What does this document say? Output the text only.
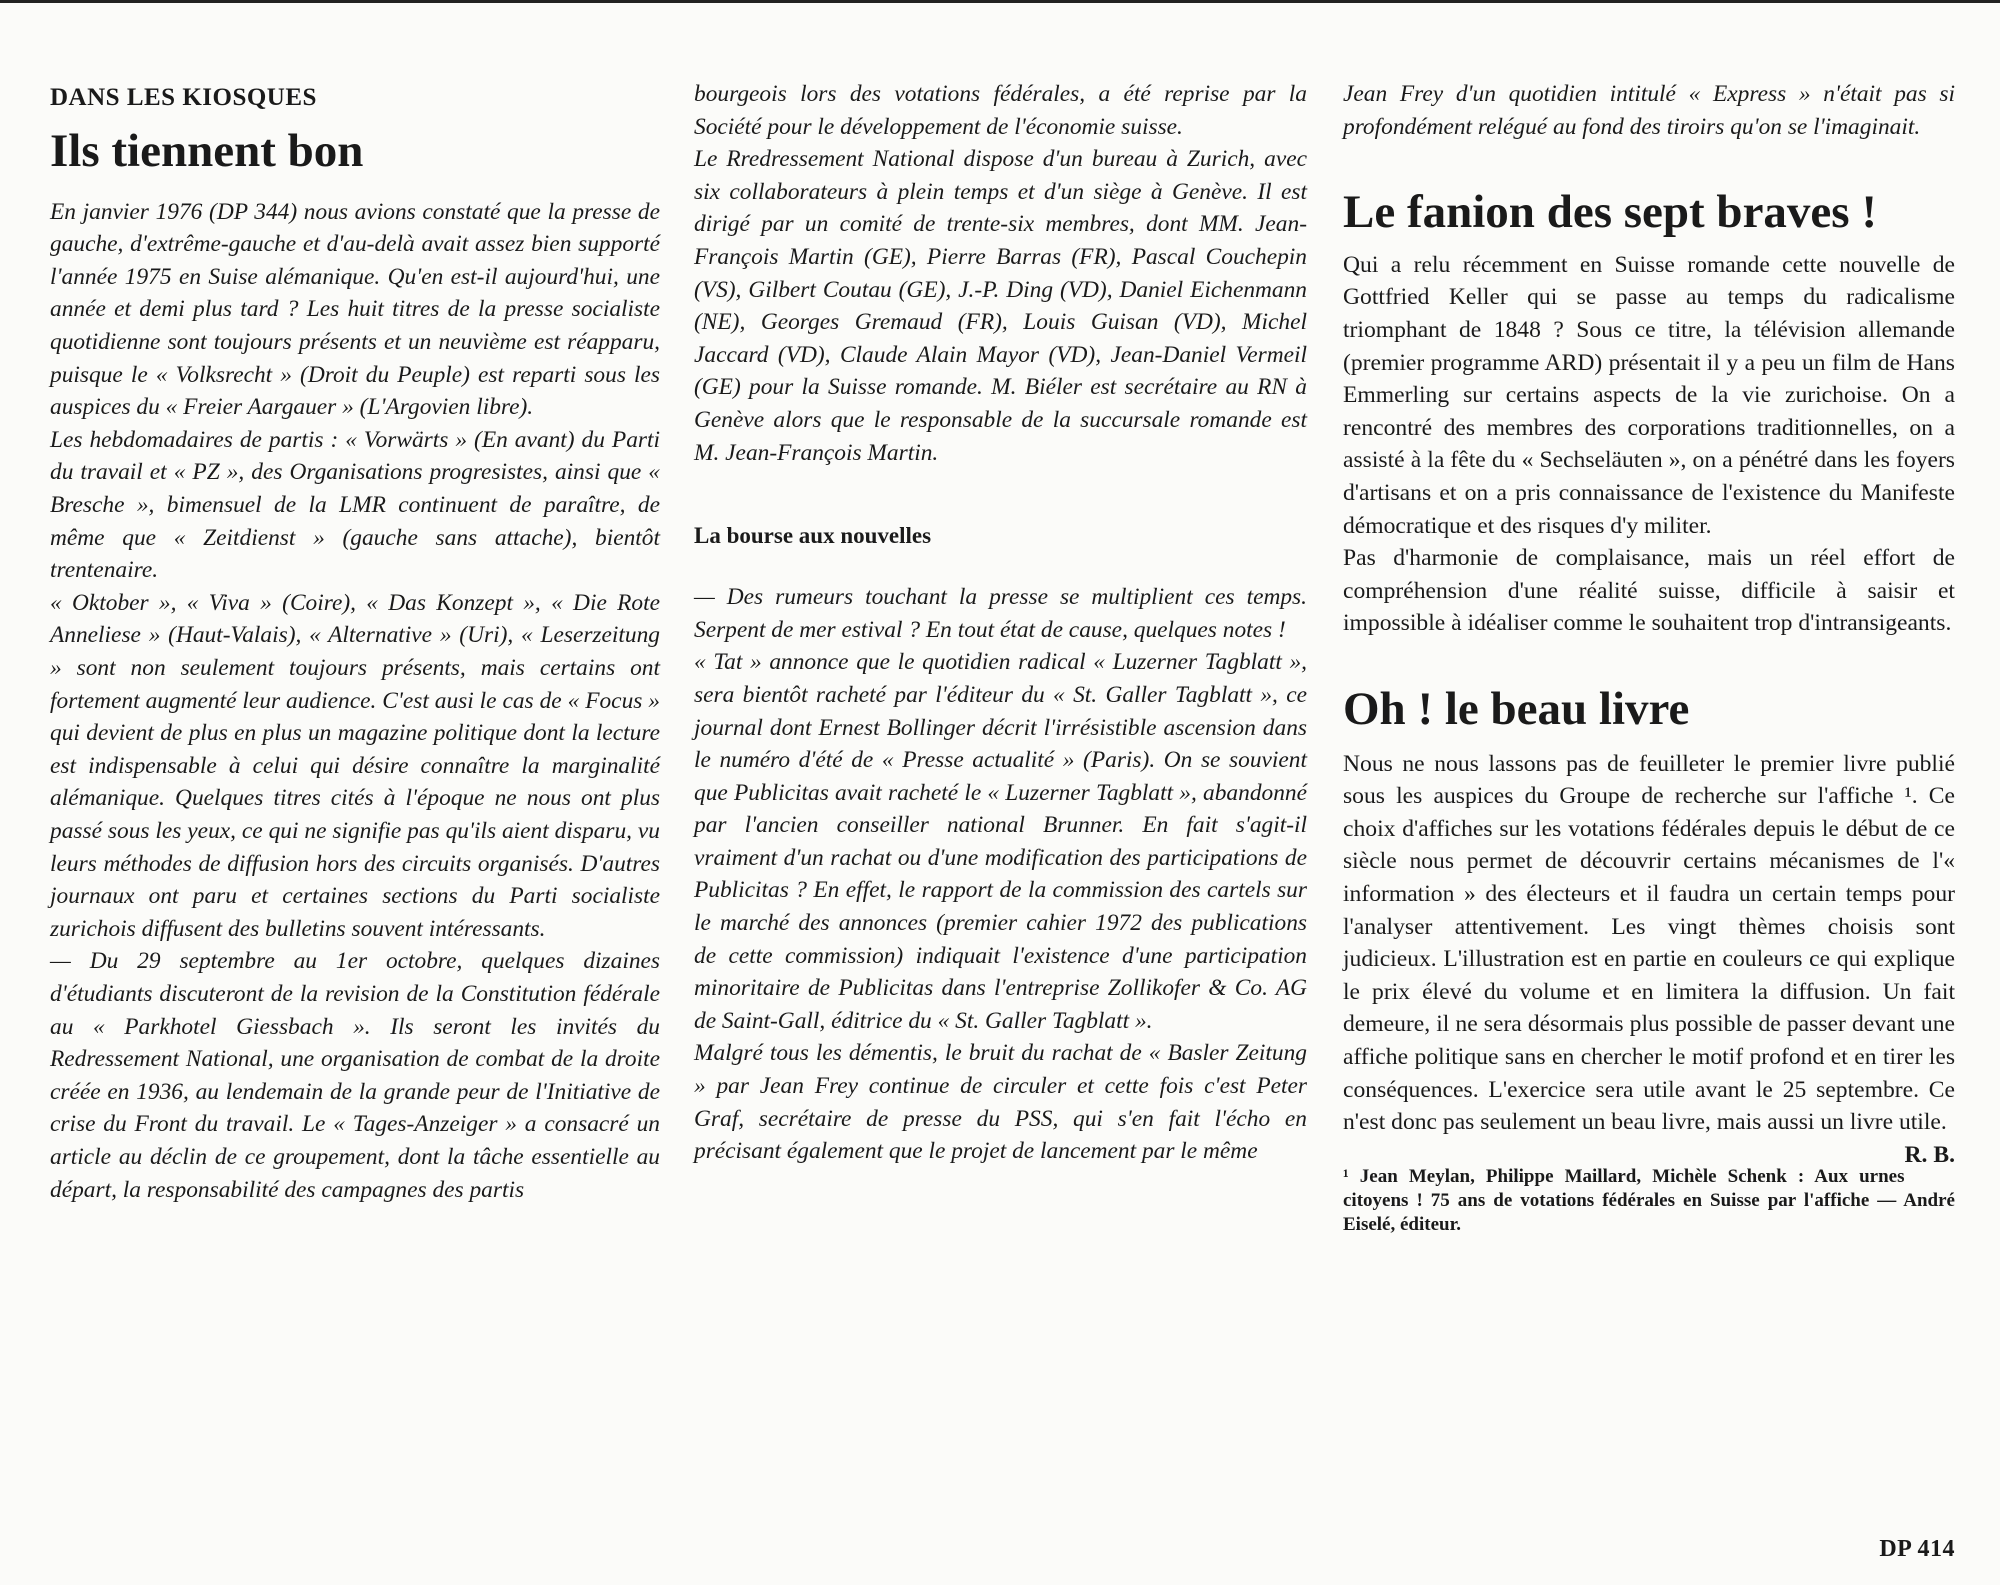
DANS LES KIOSQUES
Ils tiennent bon

En janvier 1976 (DP 344) nous avions constaté que la presse de gauche, d'extrême-gauche et d'au-delà avait assez bien supporté l'année 1975 en Suise alémanique. Qu'en est-il aujourd'hui, une année et demi plus tard ? Les huit titres de la presse socialiste quotidienne sont toujours présents et un neuvième est réapparu, puisque le « Volksrecht » (Droit du Peuple) est reparti sous les auspices du « Freier Aargauer » (L'Argovien libre).

Les hebdomadaires de partis : « Vorwärts » (En avant) du Parti du travail et « PZ », des Organisations progresistes, ainsi que « Bresche », bimensuel de la LMR continuent de paraître, de même que « Zeitdienst » (gauche sans attache), bientôt trentenaire.

« Oktober », « Viva » (Coire), « Das Konzept », « Die Rote Anneliese » (Haut-Valais), « Alternative » (Uri), « Leserzeitung » sont non seulement toujours présents, mais certains ont fortement augmenté leur audience. C'est ausi le cas de « Focus » qui devient de plus en plus un magazine politique dont la lecture est indispensable à celui qui désire connaître la marginalité alémanique. Quelques titres cités à l'époque ne nous ont plus passé sous les yeux, ce qui ne signifie pas qu'ils aient disparu, vu leurs méthodes de diffusion hors des circuits organisés. D'autres journaux ont paru et certaines sections du Parti socialiste zurichois diffusent des bulletins souvent intéressants.

— Du 29 septembre au 1er octobre, quelques dizaines d'étudiants discuteront de la revision de la Constitution fédérale au « Parkhotel Giessbach ». Ils seront les invités du Redressement National, une organisation de combat de la droite créée en 1936, au lendemain de la grande peur de l'Initiative de crise du Front du travail. Le « Tages-Anzeiger » a consacré un article au déclin de ce groupement, dont la tâche essentielle au départ, la responsabilité des campagnes des partis

bourgeois lors des votations fédérales, a été reprise par la Société pour le développement de l'économie suisse.

Le Rredressement National dispose d'un bureau à Zurich, avec six collaborateurs à plein temps et d'un siège à Genève. Il est dirigé par un comité de trente-six membres, dont MM. Jean-François Martin (GE), Pierre Barras (FR), Pascal Couchepin (VS), Gilbert Coutau (GE), J.-P. Ding (VD), Daniel Eichenmann (NE), Georges Gremaud (FR), Louis Guisan (VD), Michel Jaccard (VD), Claude Alain Mayor (VD), Jean-Daniel Vermeil (GE) pour la Suisse romande. M. Biéler est secrétaire au RN à Genève alors que le responsable de la succursale romande est M. Jean-François Martin.

La bourse aux nouvelles

— Des rumeurs touchant la presse se multiplient ces temps. Serpent de mer estival ? En tout état de cause, quelques notes !

« Tat » annonce que le quotidien radical « Luzerner Tagblatt », sera bientôt racheté par l'éditeur du « St. Galler Tagblatt », ce journal dont Ernest Bollinger décrit l'irrésistible ascension dans le numéro d'été de « Presse actualité » (Paris). On se souvient que Publicitas avait racheté le « Luzerner Tagblatt », abandonné par l'ancien conseiller national Brunner. En fait s'agit-il vraiment d'un rachat ou d'une modification des participations de Publicitas ? En effet, le rapport de la commission des cartels sur le marché des annonces (premier cahier 1972 des publications de cette commission) indiquait l'existence d'une participation minoritaire de Publicitas dans l'entreprise Zollikofer & Co. AG de Saint-Gall, éditrice du « St. Galler Tagblatt ».

Malgré tous les démentis, le bruit du rachat de « Basler Zeitung » par Jean Frey continue de circuler et cette fois c'est Peter Graf, secrétaire de presse du PSS, qui s'en fait l'écho en précisant également que le projet de lancement par le même

Jean Frey d'un quotidien intitulé « Express » n'était pas si profondément relégué au fond des tiroirs qu'on se l'imaginait.

Le fanion des sept braves !

Qui a relu récemment en Suisse romande cette nouvelle de Gottfried Keller qui se passe au temps du radicalisme triomphant de 1848 ? Sous ce titre, la télévision allemande (premier programme ARD) présentait il y a peu un film de Hans Emmerling sur certains aspects de la vie zurichoise. On a rencontré des membres des corporations traditionnelles, on a assisté à la fête du « Sechseläuten », on a pénétré dans les foyers d'artisans et on a pris connaissance de l'existence du Manifeste démocratique et des risques d'y militer.

Pas d'harmonie de complaisance, mais un réel effort de compréhension d'une réalité suisse, difficile à saisir et impossible à idéaliser comme le souhaitent trop d'intransigeants.

Oh ! le beau livre

Nous ne nous lassons pas de feuilleter le premier livre publié sous les auspices du Groupe de recherche sur l'affiche ¹. Ce choix d'affiches sur les votations fédérales depuis le début de ce siècle nous permet de découvrir certains mécanismes de l'« information » des électeurs et il faudra un certain temps pour l'analyser attentivement. Les vingt thèmes choisis sont judicieux. L'illustration est en partie en couleurs ce qui explique le prix élevé du volume et en limitera la diffusion. Un fait demeure, il ne sera désormais plus possible de passer devant une affiche politique sans en chercher le motif profond et en tirer les conséquences. L'exercice sera utile avant le 25 septembre. Ce n'est donc pas seulement un beau livre, mais aussi un livre utile.
R. B.

¹ Jean Meylan, Philippe Maillard, Michèle Schenk : Aux urnes citoyens ! 75 ans de votations fédérales en Suisse par l'affiche — André Eiselé, éditeur.

DP 414
